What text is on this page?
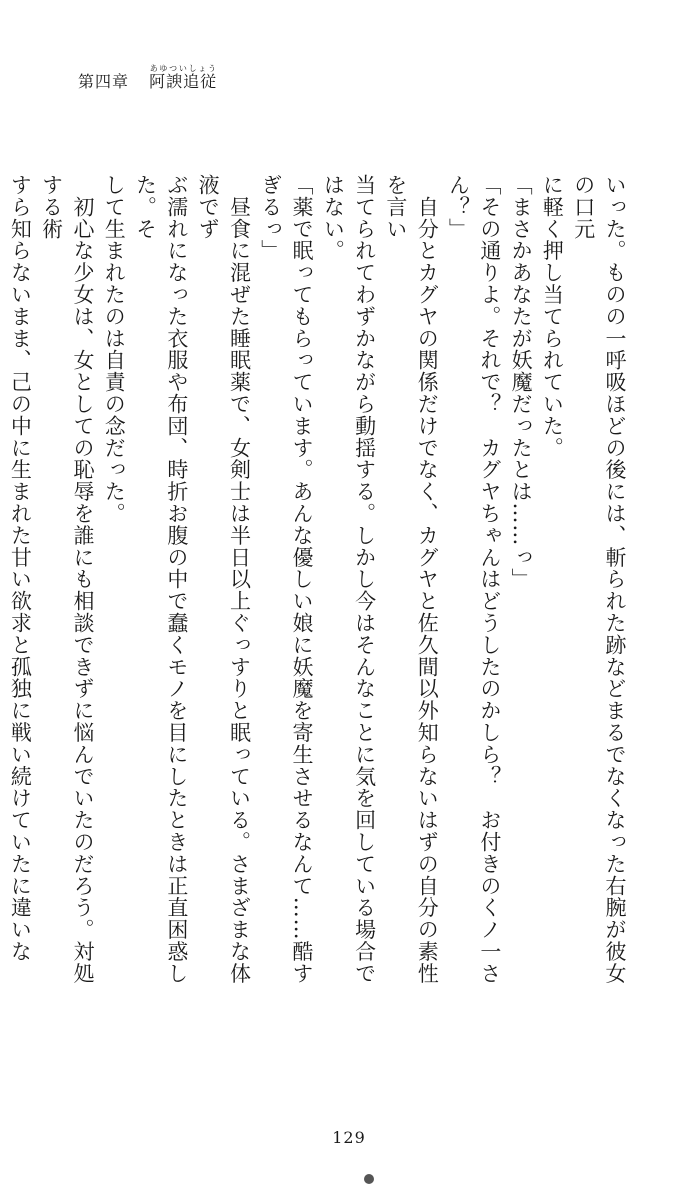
第四章 阿諛追従あゆついしょう

いった。ものの一呼吸ほどの後には、斬られた跡などまるでなくなった右腕が彼女の口元

に軽く押し当てられていた。

「まさかあなたが妖魔だったとは……っ」

「その通りよ。それで？　カグヤちゃんはどうしたのかしら？　お付きのくノ一さん？」

　自分とカグヤの関係だけでなく、カグヤと佐久間以外知らないはずの自分の素性を言い

当てられてわずかながら動揺する。しかし今はそんなことに気を回している場合ではない。

「薬で眠ってもらっています。あんな優しい娘に妖魔を寄生させるなんて……酷すぎるっ」

　昼食に混ぜた睡眠薬で、女剣士は半日以上ぐっすりと眠っている。さまざまな体液でず

ぶ濡れになった衣服や布団、時折お腹の中で蠢くモノを目にしたときは正直困惑した。そ

して生まれたのは自責の念だった。

　初心な少女は、女としての恥辱を誰にも相談できずに悩んでいたのだろう。対処する術

すら知らないまま、己の中に生まれた甘い欲求と孤独に戦い続けていたに違いな

129
